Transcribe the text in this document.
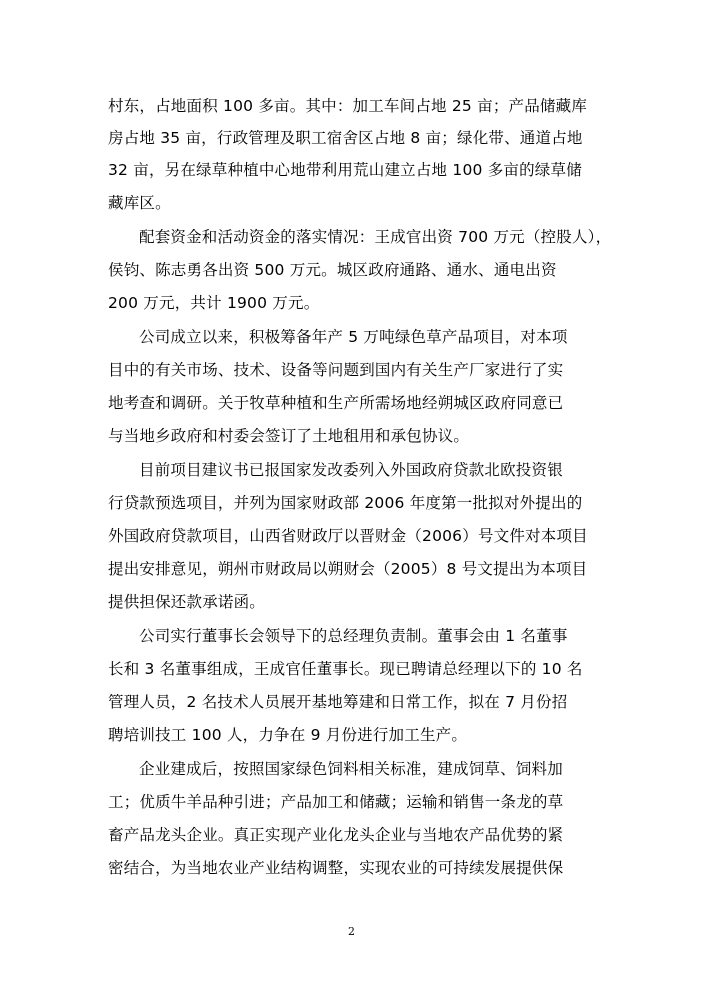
村东，占地面积 100 多亩。其中：加工车间占地 25 亩；产品储藏库
房占地 35 亩，行政管理及职工宿舍区占地 8 亩；绿化带、通道占地
32 亩，另在绿草种植中心地带利用荒山建立占地 100 多亩的绿草储
藏库区。
配套资金和活动资金的落实情况：王成官出资 700 万元（控股人），
侯钧、陈志勇各出资 500 万元。城区政府通路、通水、通电出资
200 万元，共计 1900 万元。
公司成立以来，积极筹备年产 5 万吨绿色草产品项目，对本项
目中的有关市场、技术、设备等问题到国内有关生产厂家进行了实
地考查和调研。关于牧草种植和生产所需场地经朔城区政府同意已
与当地乡政府和村委会签订了土地租用和承包协议。
目前项目建议书已报国家发改委列入外国政府贷款北欧投资银
行贷款预选项目，并列为国家财政部 2006 年度第一批拟对外提出的
外国政府贷款项目，山西省财政厅以晋财金（2006）号文件对本项目
提出安排意见，朔州市财政局以朔财会（2005）8 号文提出为本项目
提供担保还款承诺函。
公司实行董事长会领导下的总经理负责制。董事会由 1 名董事
长和 3 名董事组成，王成官任董事长。现已聘请总经理以下的 10 名
管理人员，2 名技术人员展开基地筹建和日常工作，拟在 7 月份招
聘培训技工 100 人，力争在 9 月份进行加工生产。
企业建成后，按照国家绿色饲料相关标准，建成饲草、饲料加
工；优质牛羊品种引进；产品加工和储藏；运输和销售一条龙的草
畜产品龙头企业。真正实现产业化龙头企业与当地农产品优势的紧
密结合，为当地农业产业结构调整，实现农业的可持续发展提供保
2
